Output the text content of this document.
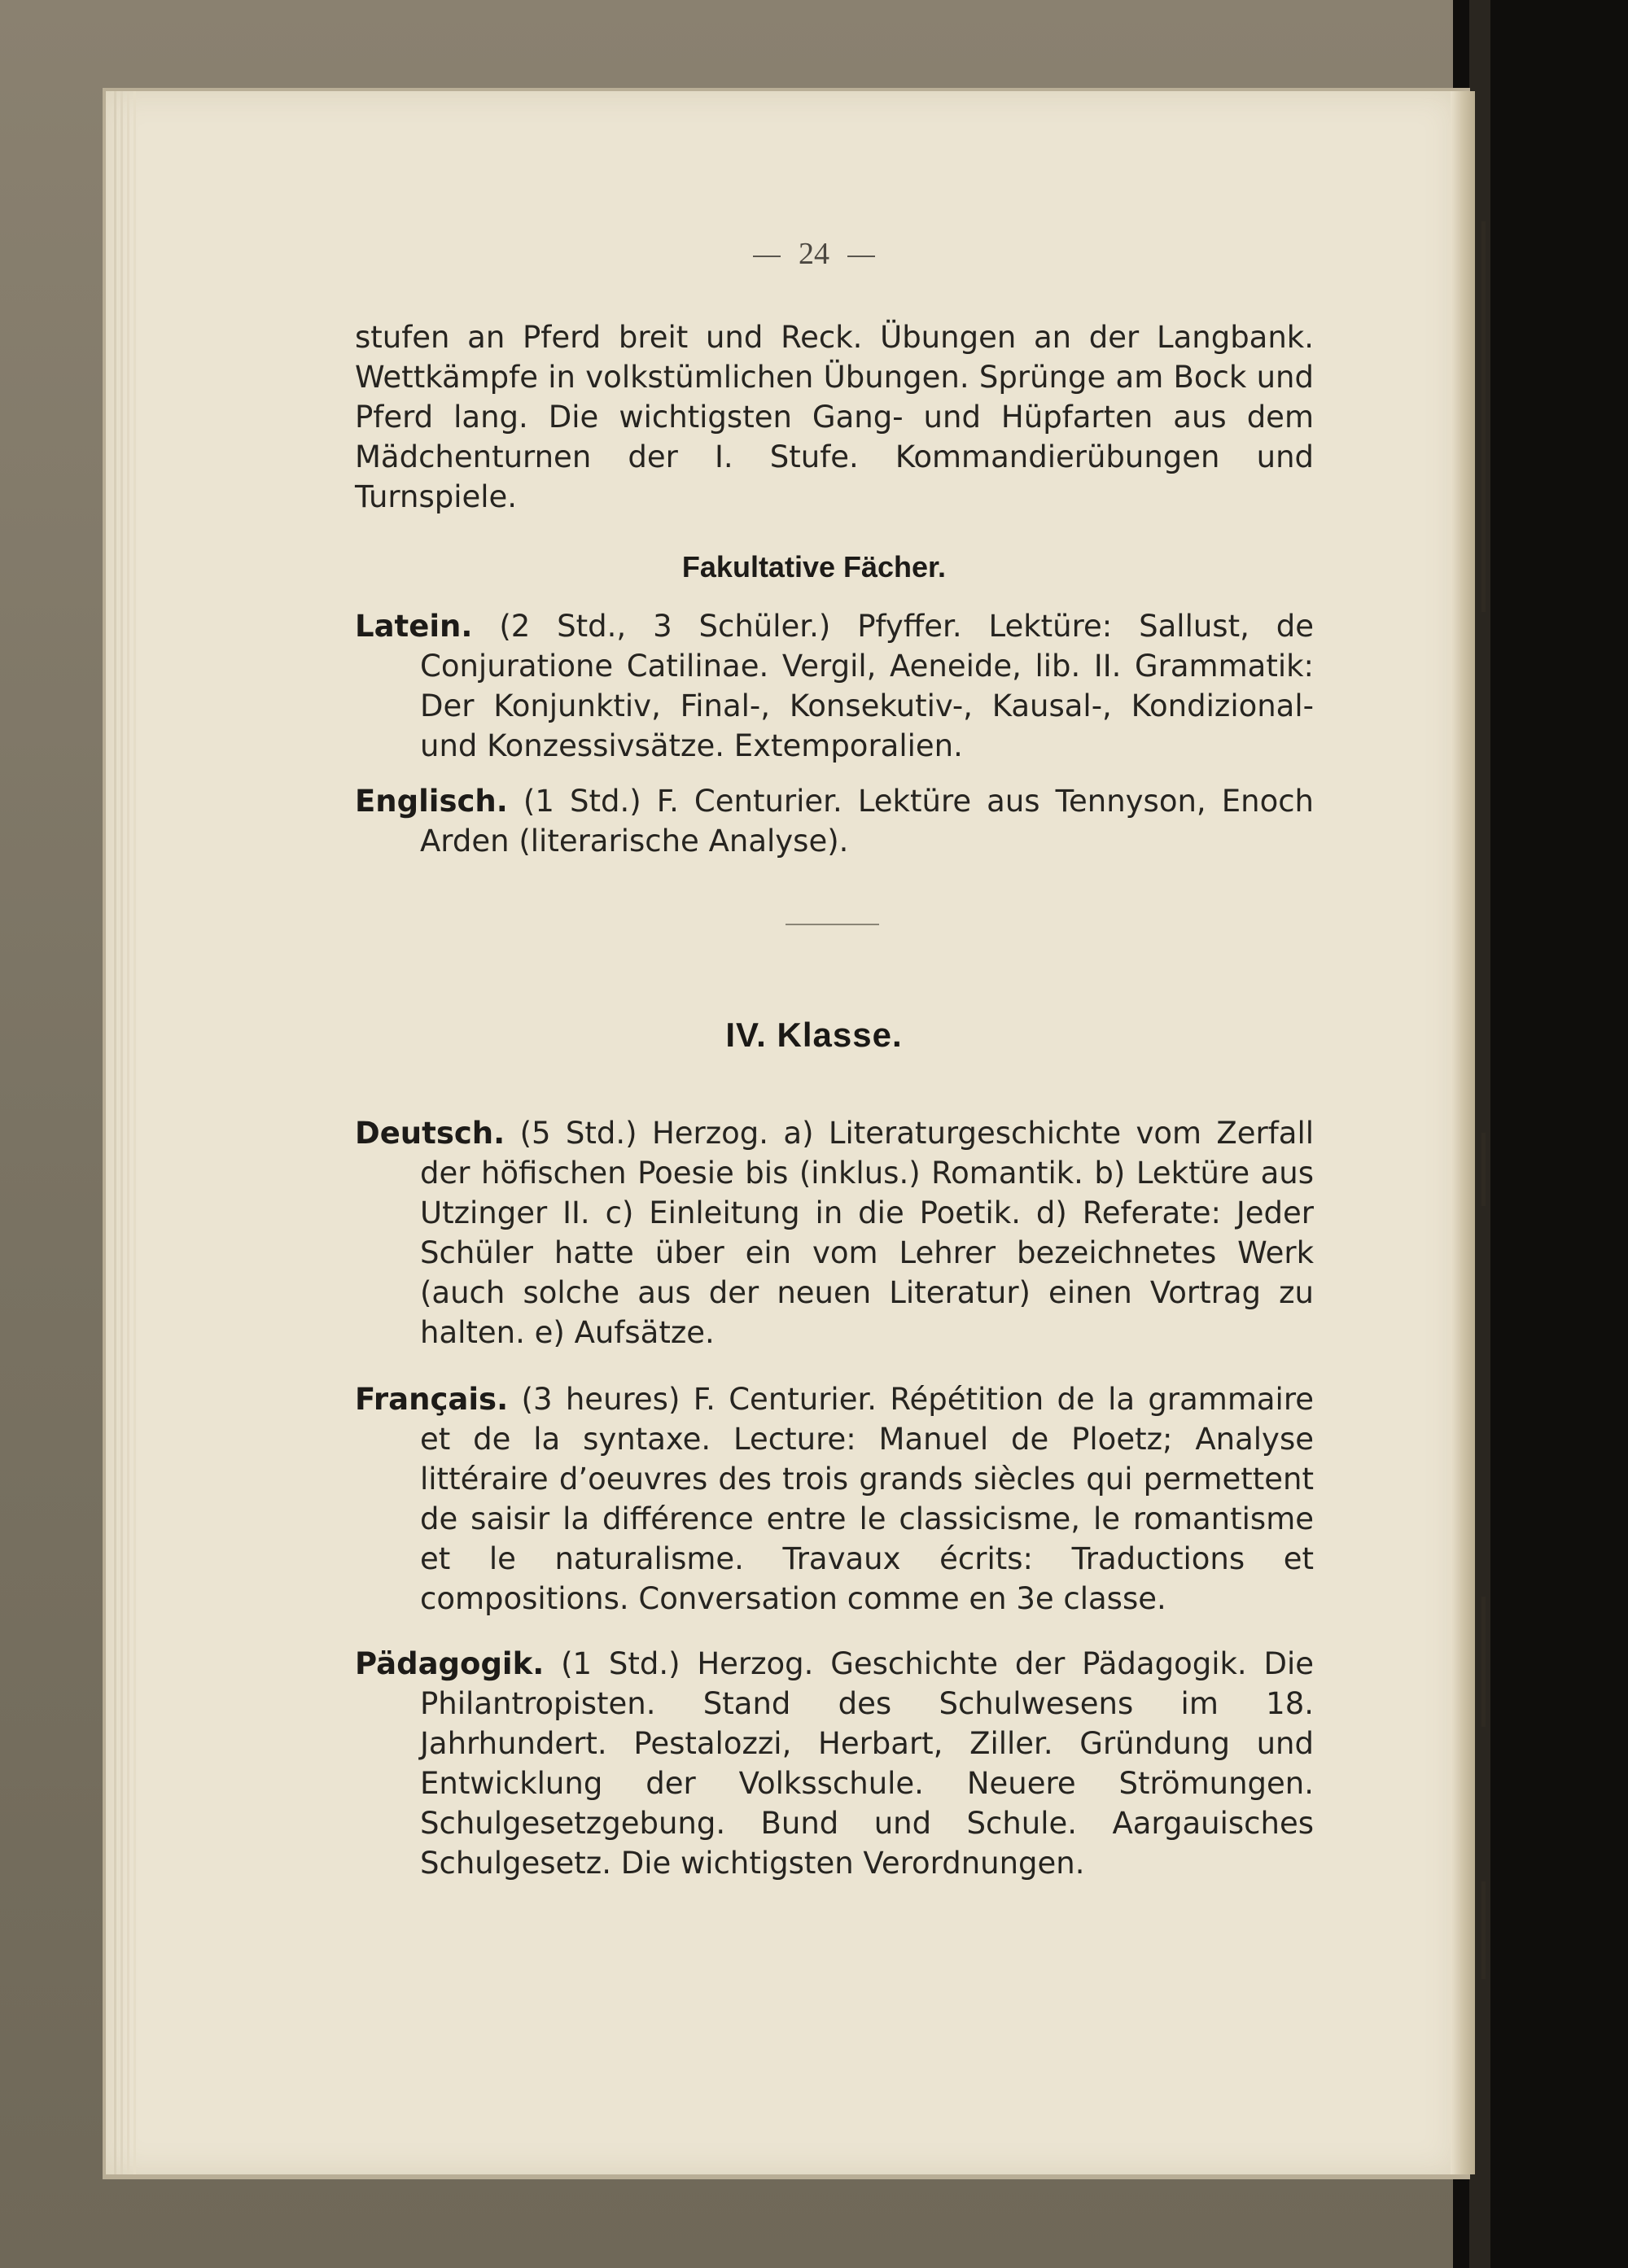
24
stufen an Pferd breit und Reck. Übungen an der Langbank. Wettkämpfe in volkstümlichen Übungen. Sprünge am Bock und Pferd lang. Die wichtigsten Gang- und Hüpfarten aus dem Mädchenturnen der I. Stufe. Kommandierübungen und Turnspiele.
Fakultative Fächer.
Latein. (2 Std., 3 Schüler.) Pfyffer. Lektüre: Sallust, de Conjuratione Catilinae. Vergil, Aeneide, lib. II. Grammatik: Der Konjunktiv, Final-, Konsekutiv-, Kausal-, Kondizional- und Konzessivsätze. Extemporalien.
Englisch. (1 Std.) F. Centurier. Lektüre aus Tennyson, Enoch Arden (literarische Analyse).
IV. Klasse.
Deutsch. (5 Std.) Herzog. a) Literaturgeschichte vom Zerfall der höfischen Poesie bis (inklus.) Romantik. b) Lektüre aus Utzinger II. c) Einleitung in die Poetik. d) Referate: Jeder Schüler hatte über ein vom Lehrer bezeichnetes Werk (auch solche aus der neuen Literatur) einen Vortrag zu halten. e) Aufsätze.
Français. (3 heures) F. Centurier. Répétition de la grammaire et de la syntaxe. Lecture: Manuel de Ploetz; Analyse littéraire d’oeuvres des trois grands siècles qui permettent de saisir la différence entre le classicisme, le romantisme et le naturalisme. Travaux écrits: Traductions et compositions. Conversation comme en 3e classe.
Pädagogik. (1 Std.) Herzog. Geschichte der Pädagogik. Die Philantropisten. Stand des Schulwesens im 18. Jahrhundert. Pestalozzi, Herbart, Ziller. Gründung und Entwicklung der Volksschule. Neuere Strömungen. Schulgesetzgebung. Bund und Schule. Aargauisches Schulgesetz. Die wichtigsten Verordnungen.
